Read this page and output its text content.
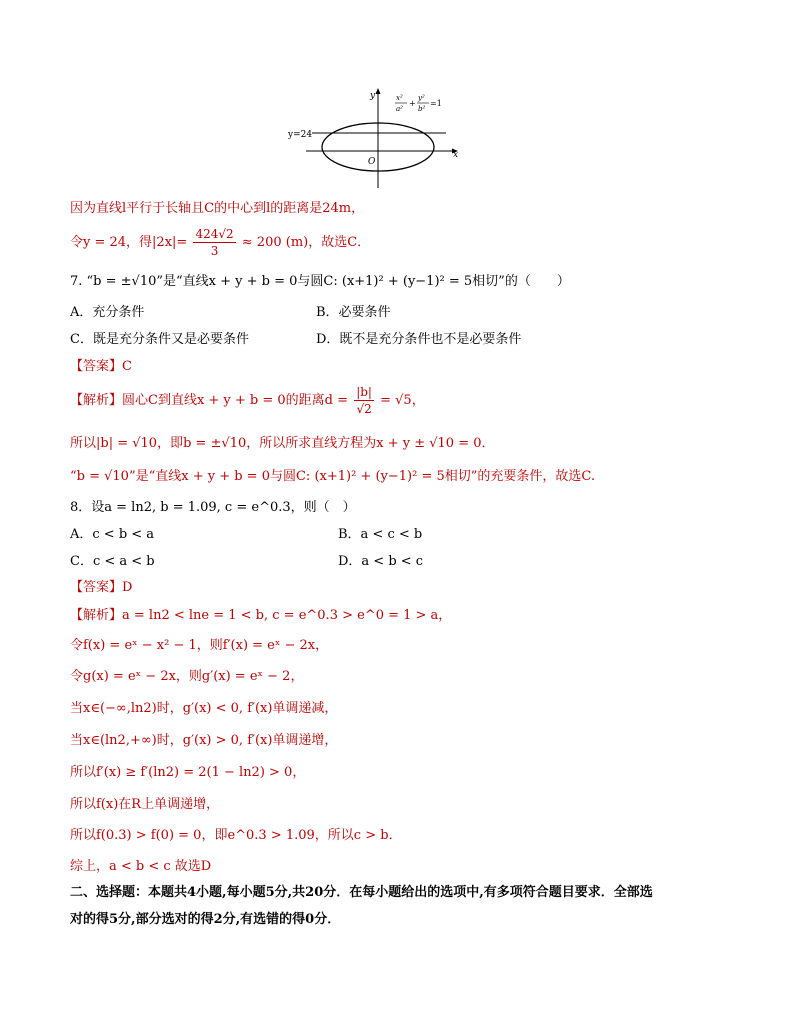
y
x
O
y=24
x²
a²
+
y²
b²
=1
因为直线l平行于长轴且C的中心到l的距离是24m，
令y = 24，得$|2x|= \frac{424√2}{3} \approx 200$ (m)，故选C．
7. “b = ±√10”是“直线x + y + b = 0与圆C: (x+1)² + (y−1)² = 5相切”的（　　）
A．充分条件	B．必要条件
C．既是充分条件又是必要条件	D．既不是充分条件也不是必要条件
【答案】C
【解析】圆心C到直线x + y + b = 0的距离$d = \frac{|b|}{√2} = √5$，
所以|b| = √10，即b = ±√10，所以所求直线方程为x + y ± √10 = 0．
“b = √10”是“直线x + y + b = 0与圆C: (x+1)² + (y−1)² = 5相切”的充要条件，故选C.
8．设a = ln2, b = 1.09, c = e^0.3，则（　）
A．c < b < a	B．a < c < b
C．c < a < b	D．a < b < c
【答案】D
【解析】a = ln2 < lne = 1 < b, c = e^0.3 > e^0 = 1 > a，
令f(x) = eˣ − x² − 1，则f′(x) = eˣ − 2x，
令g(x) = eˣ − 2x，则g′(x) = eˣ − 2，
当x∈(−∞,ln2)时，g′(x) < 0, f′(x)单调递减，
当x∈(ln2,+∞)时，g′(x) > 0, f′(x)单调递增，
所以f′(x) ≥ f′(ln2) = 2(1 − ln2) > 0，
所以f(x)在R上单调递增，
所以f(0.3) > f(0) = 0，即e^0.3 > 1.09，所以c > b．
综上，a < b < c 故选D
二、选择题：本题共4小题,每小题5分,共20分．在每小题给出的选项中,有多项符合题目要求．全部选
对的得5分,部分选对的得2分,有选错的得0分．
